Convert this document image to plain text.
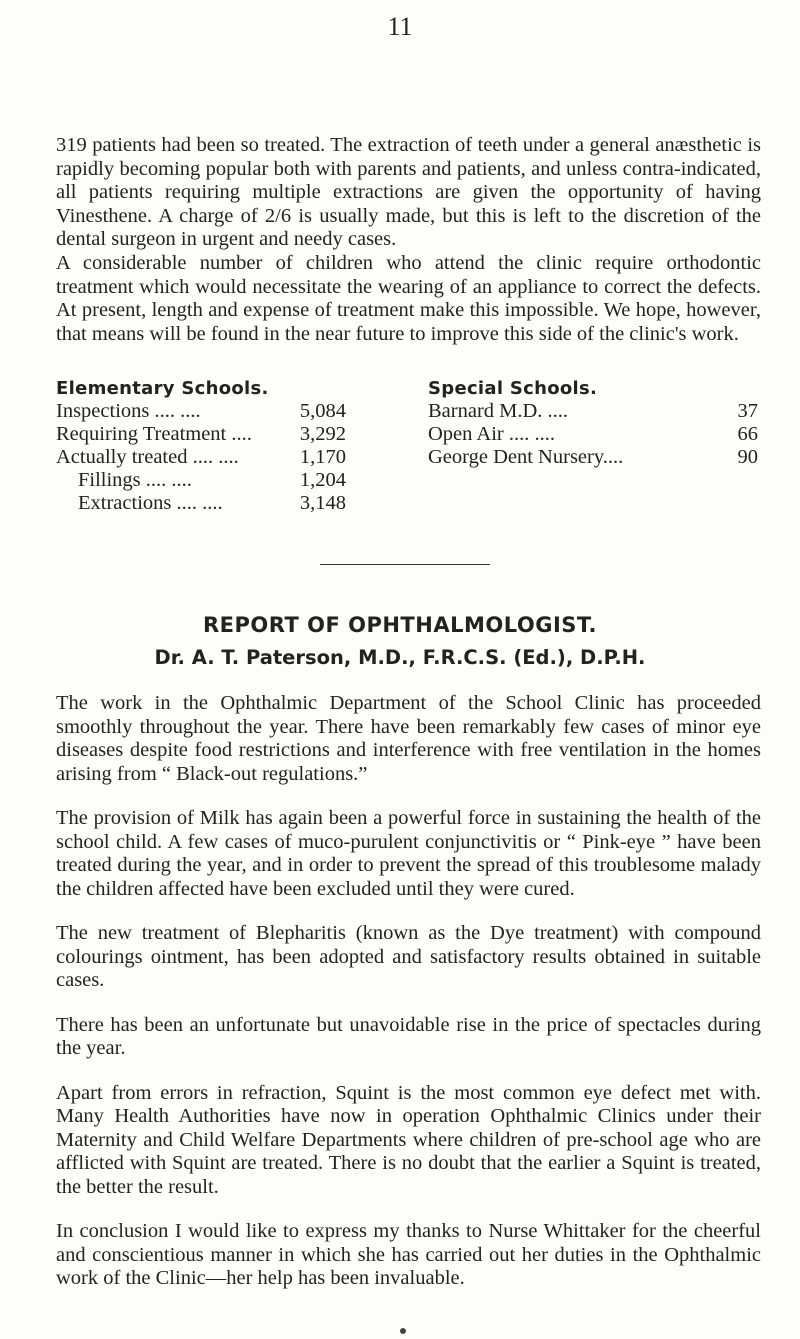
11

319 patients had been so treated. The extraction of teeth under a general anæsthetic is rapidly becoming popular both with parents and patients, and unless contra-indicated, all patients requiring multiple extractions are given the opportunity of having Vinesthene. A charge of 2/6 is usually made, but this is left to the discretion of the dental surgeon in urgent and needy cases.

A considerable number of children who attend the clinic require orthodontic treatment which would necessitate the wearing of an appliance to correct the defects. At present, length and expense of treatment make this impossible. We hope, however, that means will be found in the near future to improve this side of the clinic's work.

Elementary Schools.
Inspections .... ....	5,084
Requiring Treatment ....	3,292
Actually treated .... ....	1,170
Fillings .... ....	1,204
Extractions .... ....	3,148
Special Schools.
Barnard M.D. ....	37
Open Air .... ....	66
George Dent Nursery....	90
REPORT OF OPHTHALMOLOGIST.
Dr. A. T. Paterson, M.D., F.R.C.S. (Ed.), D.P.H.

The work in the Ophthalmic Department of the School Clinic has proceeded smoothly throughout the year. There have been remarkably few cases of minor eye diseases despite food restrictions and interference with free ventilation in the homes arising from “ Black-out regulations.”

The provision of Milk has again been a powerful force in sustaining the health of the school child. A few cases of muco-purulent conjunctivitis or “ Pink-eye ” have been treated during the year, and in order to prevent the spread of this troublesome malady the children affected have been excluded until they were cured.

The new treatment of Blepharitis (known as the Dye treatment) with compound colourings ointment, has been adopted and satisfactory results obtained in suitable cases.

There has been an unfortunate but unavoidable rise in the price of spectacles during the year.

Apart from errors in refraction, Squint is the most common eye defect met with. Many Health Authorities have now in operation Ophthalmic Clinics under their Maternity and Child Welfare Departments where children of pre-school age who are afflicted with Squint are treated. There is no doubt that the earlier a Squint is treated, the better the result.

In conclusion I would like to express my thanks to Nurse Whittaker for the cheerful and conscientious manner in which she has carried out her duties in the Ophthalmic work of the Clinic—her help has been invaluable.
